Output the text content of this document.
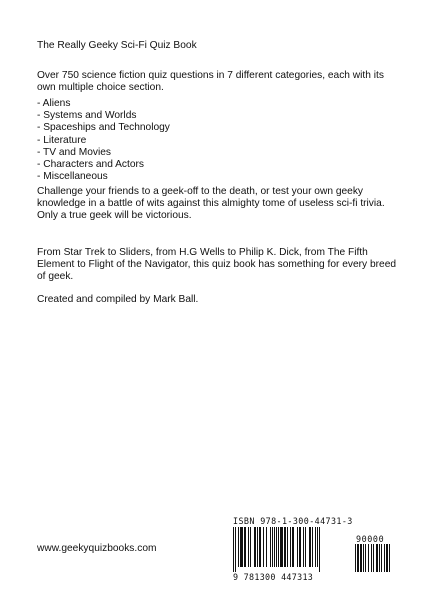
The Really Geeky Sci-Fi Quiz Book

Over 750 science fiction quiz questions in 7 different categories, each with its own multiple choice section.

- Aliens
- Systems and Worlds
- Spaceships and Technology
- Literature
- TV and Movies
- Characters and Actors
- Miscellaneous

Challenge your friends to a geek-off to the death, or test your own geeky knowledge in a battle of wits against this almighty tome of useless sci-fi trivia. Only a true geek will be victorious.

From Star Trek to Sliders, from H.G Wells to Philip K. Dick, from The Fifth Element to Flight of the Navigator, this quiz book has something for every breed of geek.

Created and compiled by Mark Ball.

www.geekyquizbooks.com

ISBN 978-1-300-44731-3
90000
9 781300 447313
